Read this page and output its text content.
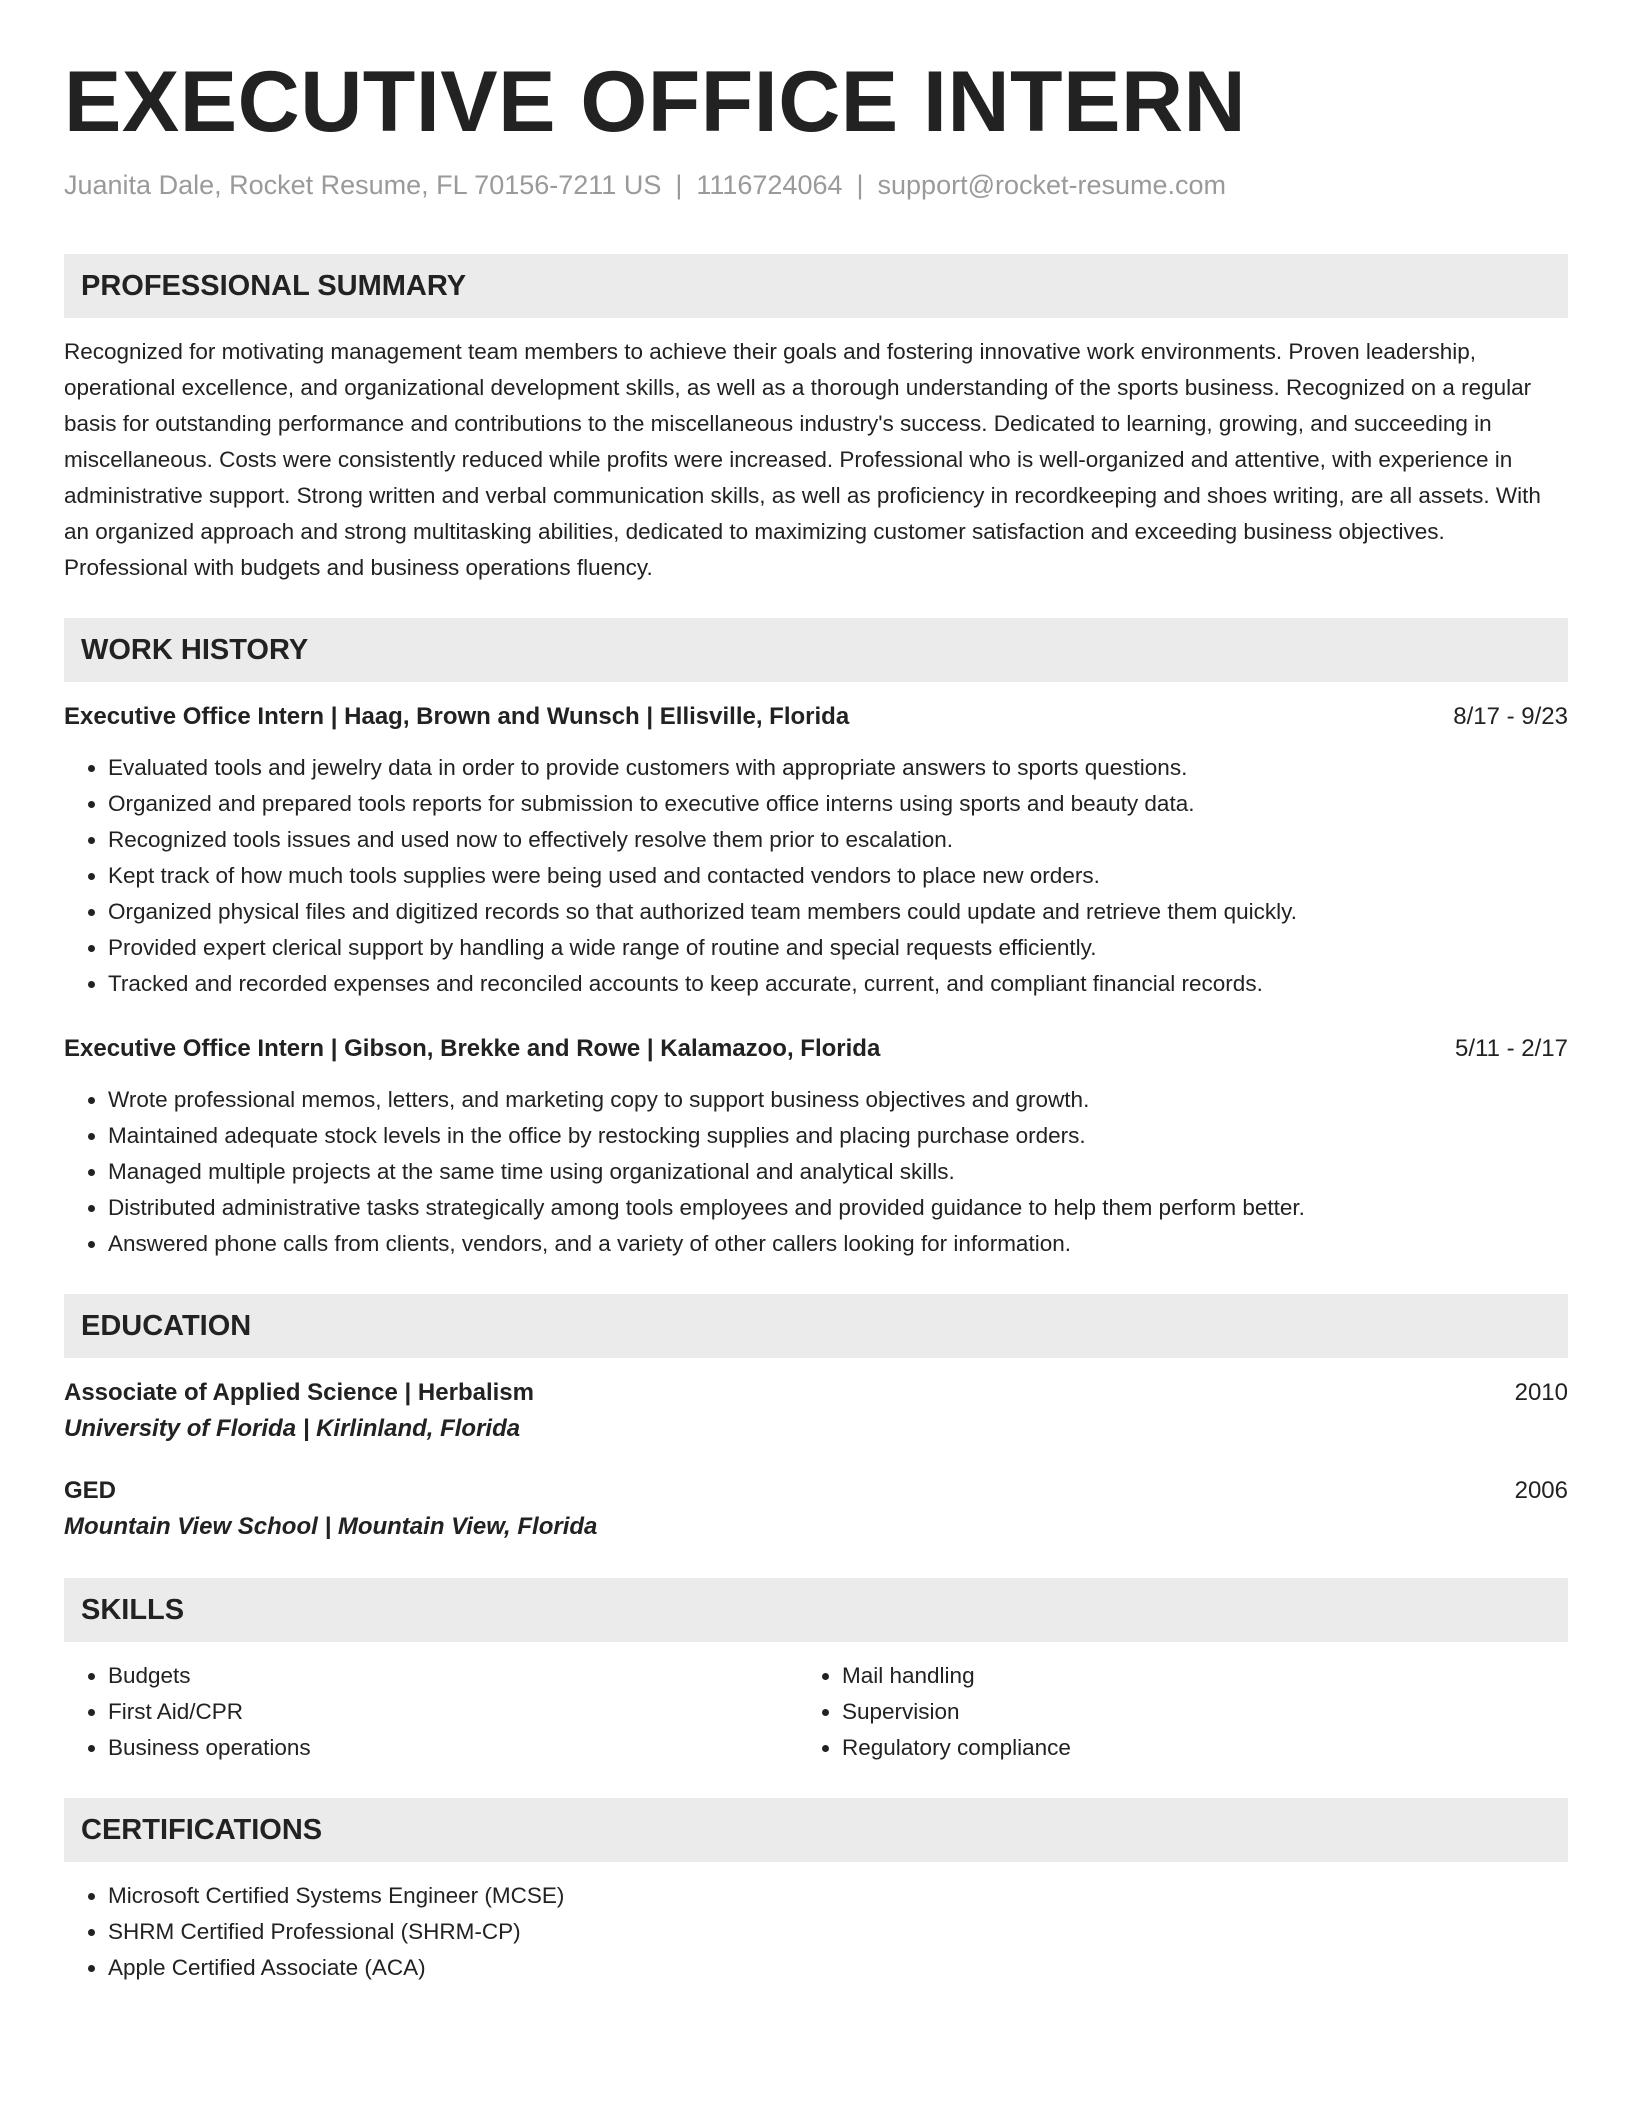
EXECUTIVE OFFICE INTERN
Juanita Dale, Rocket Resume, FL 70156-7211 US | 1116724064 | support@rocket-resume.com
PROFESSIONAL SUMMARY

Recognized for motivating management team members to achieve their goals and fostering innovative work environments. Proven leadership, operational excellence, and organizational development skills, as well as a thorough understanding of the sports business. Recognized on a regular basis for outstanding performance and contributions to the miscellaneous industry's success. Dedicated to learning, growing, and succeeding in miscellaneous. Costs were consistently reduced while profits were increased. Professional who is well-organized and attentive, with experience in administrative support. Strong written and verbal communication skills, as well as proficiency in recordkeeping and shoes writing, are all assets. With an organized approach and strong multitasking abilities, dedicated to maximizing customer satisfaction and exceeding business objectives. Professional with budgets and business operations fluency.

WORK HISTORY
Executive Office Intern | Haag, Brown and Wunsch | Ellisville, Florida	8/17 - 9/23
• Evaluated tools and jewelry data in order to provide customers with appropriate answers to sports questions.
• Organized and prepared tools reports for submission to executive office interns using sports and beauty data.
• Recognized tools issues and used now to effectively resolve them prior to escalation.
• Kept track of how much tools supplies were being used and contacted vendors to place new orders.
• Organized physical files and digitized records so that authorized team members could update and retrieve them quickly.
• Provided expert clerical support by handling a wide range of routine and special requests efficiently.
• Tracked and recorded expenses and reconciled accounts to keep accurate, current, and compliant financial records.
Executive Office Intern | Gibson, Brekke and Rowe | Kalamazoo, Florida	5/11 - 2/17
• Wrote professional memos, letters, and marketing copy to support business objectives and growth.
• Maintained adequate stock levels in the office by restocking supplies and placing purchase orders.
• Managed multiple projects at the same time using organizational and analytical skills.
• Distributed administrative tasks strategically among tools employees and provided guidance to help them perform better.
• Answered phone calls from clients, vendors, and a variety of other callers looking for information.
EDUCATION
Associate of Applied Science | Herbalism	2010
University of Florida | Kirlinland, Florida
GED	2006
Mountain View School | Mountain View, Florida
SKILLS
• Budgets
• First Aid/CPR
• Business operations
• Mail handling
• Supervision
• Regulatory compliance
CERTIFICATIONS
• Microsoft Certified Systems Engineer (MCSE)
• SHRM Certified Professional (SHRM-CP)
• Apple Certified Associate (ACA)
